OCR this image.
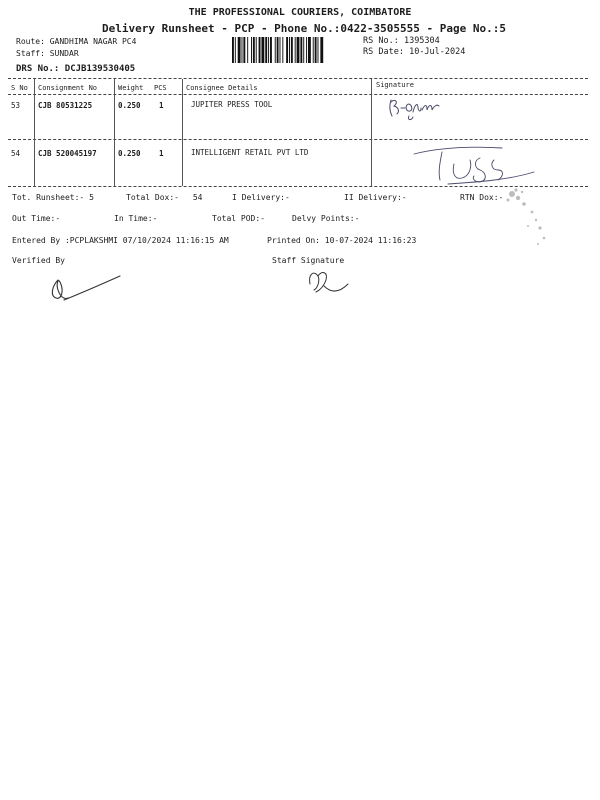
THE PROFESSIONAL COURIERS, COIMBATORE
Delivery Runsheet - PCP - Phone No.:0422-3505555 - Page No.:5
Route: GANDHIMA NAGAR PC4
Staff: SUNDAR
DRS No.: DCJB139530405
RS No.: 1395304
RS Date: 10-Jul-2024
S No Consignment No	Weight PCS	Consignee Details	Signature
53 CJB 80531225	0.250 1	JUPITER PRESS TOOL
54 CJB 520045197	0.250 1	INTELLIGENT RETAIL PVT LTD
Tot. Runsheet:- 5	Total Dox:- 54	I Delivery:-	II Delivery:-	RTN Dox:-
Out Time:-	In Time:-	Total POD:-	Delvy Points:-
Entered By :PCPLAKSHMI 07/10/2024 11:16:15 AM	Printed On: 10-07-2024 11:16:23
Verified By	Staff Signature
